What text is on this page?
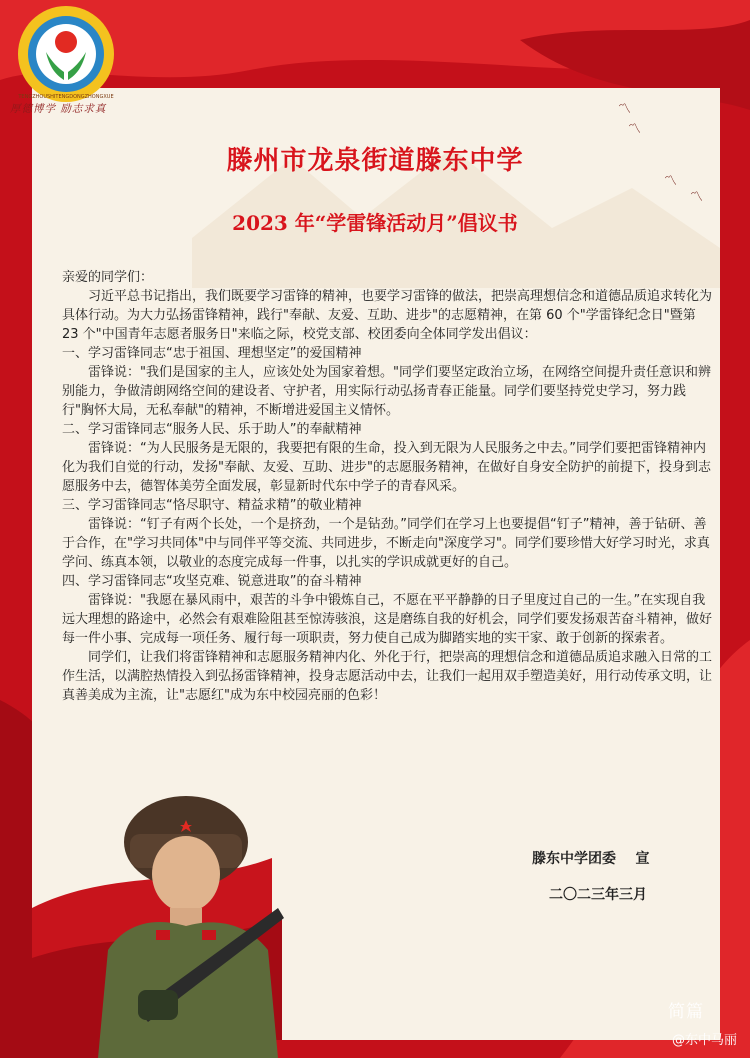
〽
〽
〽
〽
TENGZHOUSHITENGDONGZHONGXUE
厚德博学 励志求真
滕州市龙泉街道滕东中学
2023 年“学雷锋活动月”倡议书

亲爱的同学们：

习近平总书记指出，我们既要学习雷锋的精神，也要学习雷锋的做法，把崇高理想信念和道德品质追求转化为具体行动。为大力弘扬雷锋精神，践行"奉献、友爱、互助、进步"的志愿精神，在第 60 个"学雷锋纪念日"暨第 23 个"中国青年志愿者服务日"来临之际，校党支部、校团委向全体同学发出倡议：

一、学习雷锋同志“忠于祖国、理想坚定”的爱国精神

雷锋说："我们是国家的主人，应该处处为国家着想。"同学们要坚定政治立场，在网络空间提升责任意识和辨别能力，争做清朗网络空间的建设者、守护者，用实际行动弘扬青春正能量。同学们要坚持党史学习，努力践行"胸怀大局，无私奉献"的精神，不断增进爱国主义情怀。

二、学习雷锋同志“服务人民、乐于助人”的奉献精神

雷锋说：“为人民服务是无限的，我要把有限的生命，投入到无限为人民服务之中去。”同学们要把雷锋精神内化为我们自觉的行动，发扬"奉献、友爱、互助、进步"的志愿服务精神，在做好自身安全防护的前提下，投身到志愿服务中去，德智体美劳全面发展，彰显新时代东中学子的青春风采。

三、学习雷锋同志“恪尽职守、精益求精”的敬业精神

雷锋说：“钉子有两个长处，一个是挤劲，一个是钻劲。”同学们在学习上也要提倡“钉子”精神，善于钻研、善于合作，在"学习共同体"中与同伴平等交流、共同进步，不断走向"深度学习"。同学们要珍惜大好学习时光，求真学问、练真本领，以敬业的态度完成每一件事，以扎实的学识成就更好的自己。

四、学习雷锋同志“攻坚克难、锐意进取”的奋斗精神

雷锋说："我愿在暴风雨中，艰苦的斗争中锻炼自己，不愿在平平静静的日子里度过自己的一生。”在实现自我远大理想的路途中，必然会有艰难险阻甚至惊涛骇浪，这是磨练自我的好机会，同学们要发扬艰苦奋斗精神，做好每一件小事、完成每一项任务、履行每一项职责，努力使自己成为脚踏实地的实干家、敢于创新的探索者。

同学们，让我们将雷锋精神和志愿服务精神内化、外化于行，把崇高的理想信念和道德品质追求融入日常的工作生活，以满腔热情投入到弘扬雷锋精神，投身志愿活动中去，让我们一起用双手塑造美好，用行动传承文明，让真善美成为主流，让"志愿红"成为东中校园亮丽的色彩！

滕东中学团委    宣
二〇二三年三月
简篇
@东中马丽
